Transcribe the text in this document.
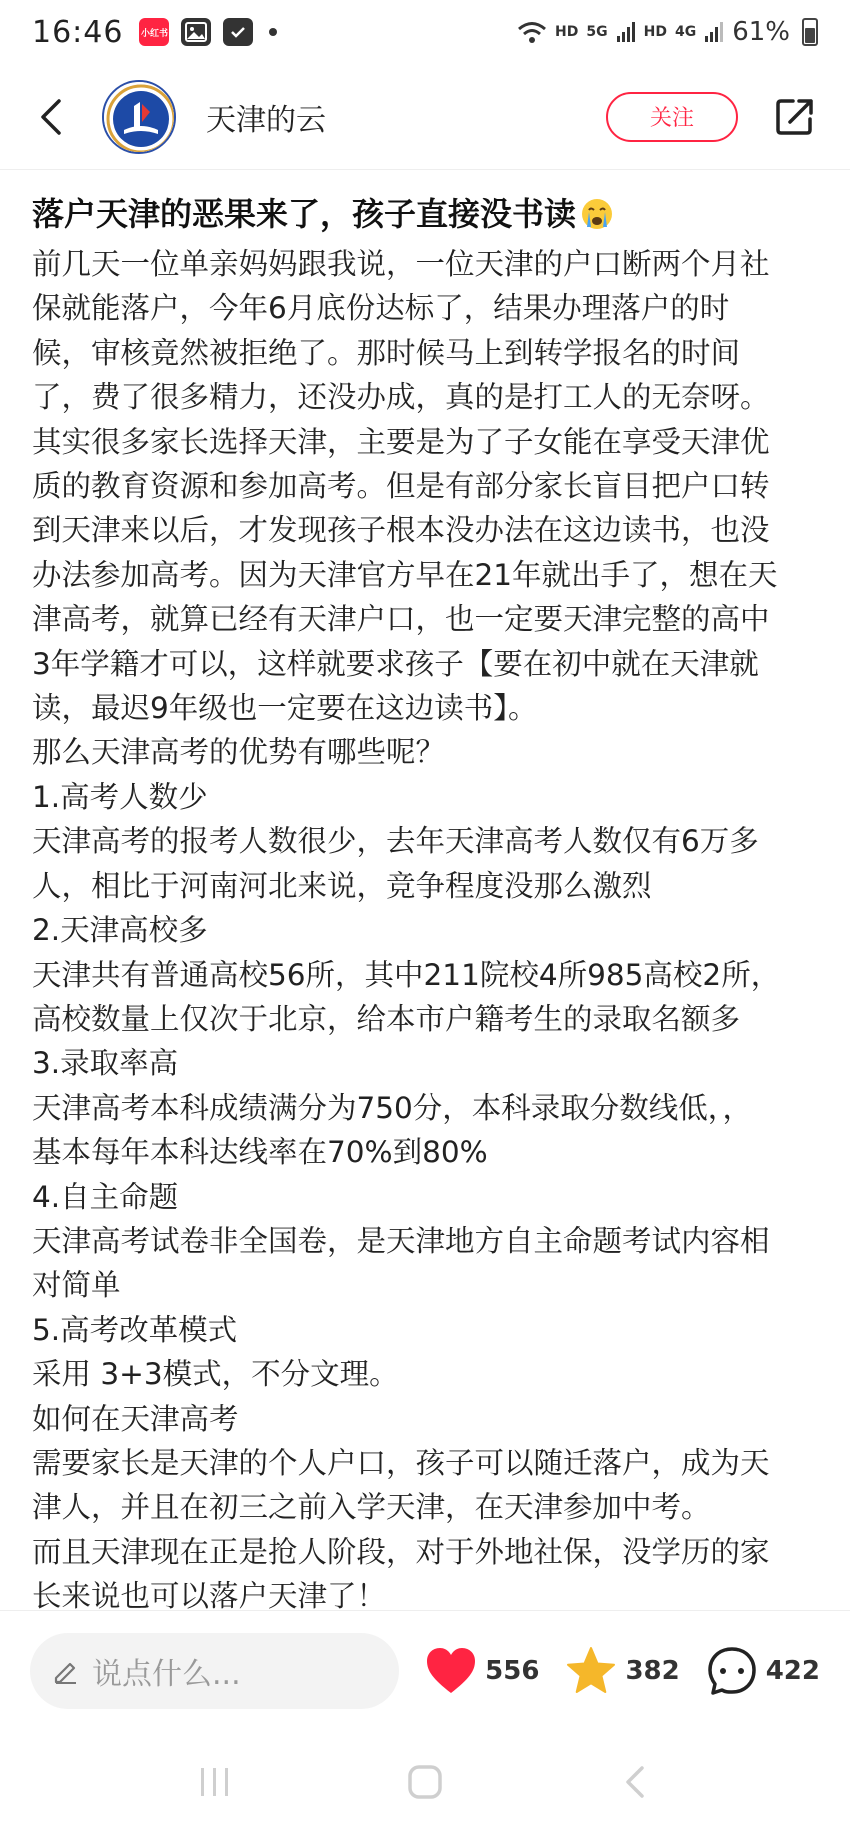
16:46 小红书	HD 5G	HD 4G 61%
天津的云	关注
落户天津的恶果来了，孩子直接没书读
前几天一位单亲妈妈跟我说，一位天津的户口断两个月社
保就能落户，今年6月底份达标了，结果办理落户的时
候，审核竟然被拒绝了。那时候马上到转学报名的时间
了，费了很多精力，还没办成，真的是打工人的无奈呀。
其实很多家长选择天津，主要是为了子女能在享受天津优
质的教育资源和参加高考。但是有部分家长盲目把户口转
到天津来以后，才发现孩子根本没办法在这边读书，也没
办法参加高考。因为天津官方早在21年就出手了，想在天
津高考，就算已经有天津户口，也一定要天津完整的高中
3年学籍才可以，这样就要求孩子【要在初中就在天津就
读，最迟9年级也一定要在这边读书】。
那么天津高考的优势有哪些呢？
1.高考人数少
天津高考的报考人数很少，去年天津高考人数仅有6万多
人，相比于河南河北来说，竞争程度没那么激烈
2.天津高校多
天津共有普通高校56所，其中211院校4所985高校2所，
高校数量上仅次于北京，给本市户籍考生的录取名额多
3.录取率高
天津高考本科成绩满分为750分，本科录取分数线低，，
基本每年本科达线率在70%到80%
4.自主命题
天津高考试卷非全国卷，是天津地方自主命题考试内容相
对简单
5.高考改革模式
采用 3+3模式，不分文理。
如何在天津高考
需要家长是天津的个人户口，孩子可以随迁落户，成为天
津人，并且在初三之前入学天津，在天津参加中考。
而且天津现在正是抢人阶段，对于外地社保，没学历的家
长来说也可以落户天津了！
说点什么...	556	382	422
